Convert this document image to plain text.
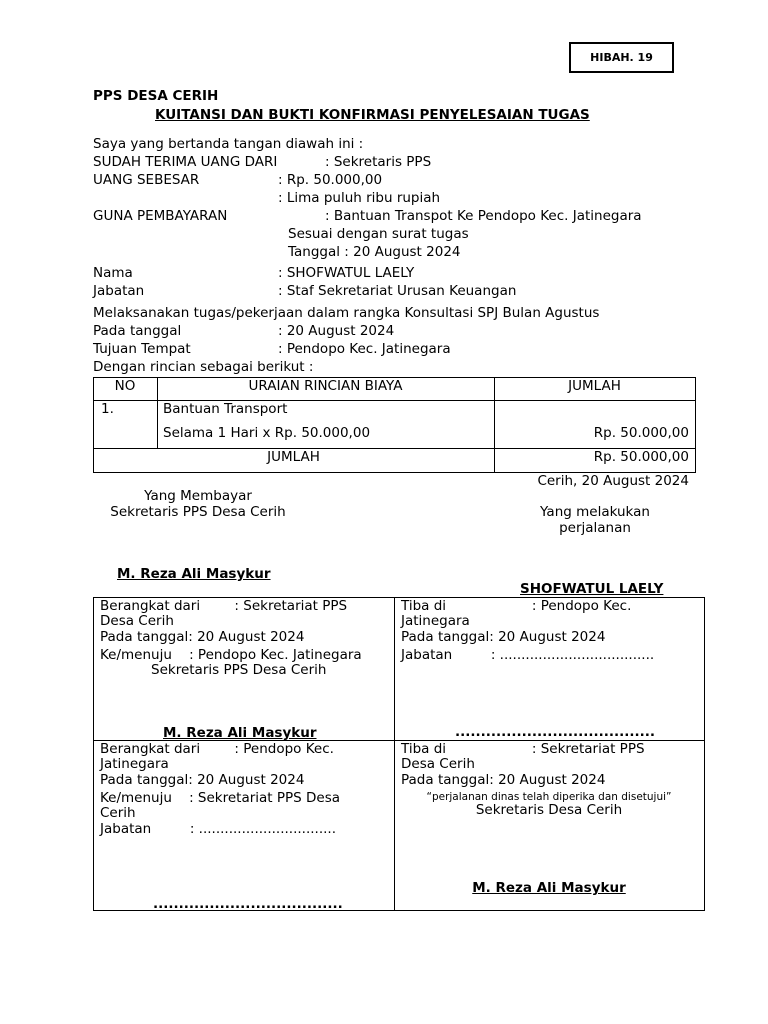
HIBAH. 19
PPS DESA CERIH
KUITANSI DAN BUKTI KONFIRMASI PENYELESAIAN TUGAS
Saya yang bertanda tangan diawah ini :
SUDAH TERIMA UANG DARI	: Sekretaris PPS
UANG SEBESAR	: Rp. 50.000,00
: Lima puluh ribu rupiah
GUNA PEMBAYARAN	: Bantuan Transpot Ke Pendopo Kec. Jatinegara
Sesuai dengan surat tugas
Tanggal : 20 August 2024
Nama	: SHOFWATUL LAELY
Jabatan	: Staf Sekretariat Urusan Keuangan
Melaksanakan tugas/pekerjaan dalam rangka Konsultasi SPJ Bulan Agustus
Pada tanggal	: 20 August 2024
Tujuan Tempat	: Pendopo Kec. Jatinegara
Dengan rincian sebagai berikut :
NO	URAIAN RINCIAN BIAYA	JUMLAH
1.	Bantuan Transport
Selama 1 Hari x Rp. 50.000,00	Rp. 50.000,00
JUMLAH	Rp. 50.000,00
Cerih, 20 August 2024
Yang Membayar
Sekretaris PPS Desa Cerih	Yang melakukan
perjalanan
M. Reza Ali Masykur
SHOFWATUL LAELY
Berangkat dari        : Sekretariat PPS
Desa Cerih
Pada tanggal: 20 August 2024
Ke/menuju    : Pendopo Kec. Jatinegara
Sekretaris PPS Desa Cerih
M. Reza Ali Masykur
Tiba di                    : Pendopo Kec.
Jatinegara
Pada tanggal: 20 August 2024
Jabatan         : ....................................
.......................................
Berangkat dari        : Pendopo Kec.
Jatinegara
Pada tanggal: 20 August 2024
Ke/menuju    : Sekretariat PPS Desa
Cerih
Jabatan         : ................................
.....................................
Tiba di                    : Sekretariat PPS
Desa Cerih
Pada tanggal: 20 August 2024
“perjalanan dinas telah diperika dan disetujui”
Sekretaris Desa Cerih
M. Reza Ali Masykur
